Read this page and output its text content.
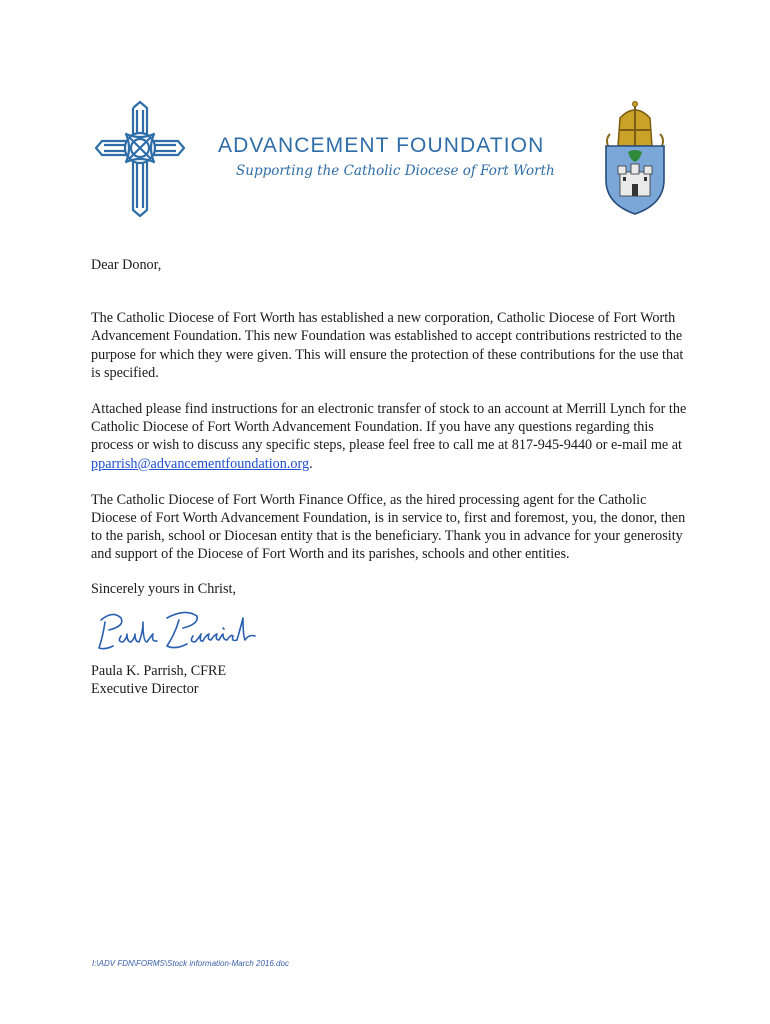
ADVANCEMENT FOUNDATION
Supporting the Catholic Diocese of Fort Worth

Dear Donor,

The Catholic Diocese of Fort Worth has established a new corporation, Catholic Diocese of Fort Worth Advancement Foundation. This new Foundation was established to accept contributions restricted to the purpose for which they were given. This will ensure the protection of these contributions for the use that is specified.

Attached please find instructions for an electronic transfer of stock to an account at Merrill Lynch for the Catholic Diocese of Fort Worth Advancement Foundation. If you have any questions regarding this process or wish to discuss any specific steps, please feel free to call me at 817-945-9440 or e-mail me at pparrish@advancementfoundation.org.

The Catholic Diocese of Fort Worth Finance Office, as the hired processing agent for the Catholic Diocese of Fort Worth Advancement Foundation, is in service to, first and foremost, you, the donor, then to the parish, school or Diocesan entity that is the beneficiary. Thank you in advance for your generosity and support of the Diocese of Fort Worth and its parishes, schools and other entities.

Sincerely yours in Christ,

Paula K. Parrish, CFRE

Executive Director

I:\ADV FDN\FORMS\Stock information-March 2016.doc
